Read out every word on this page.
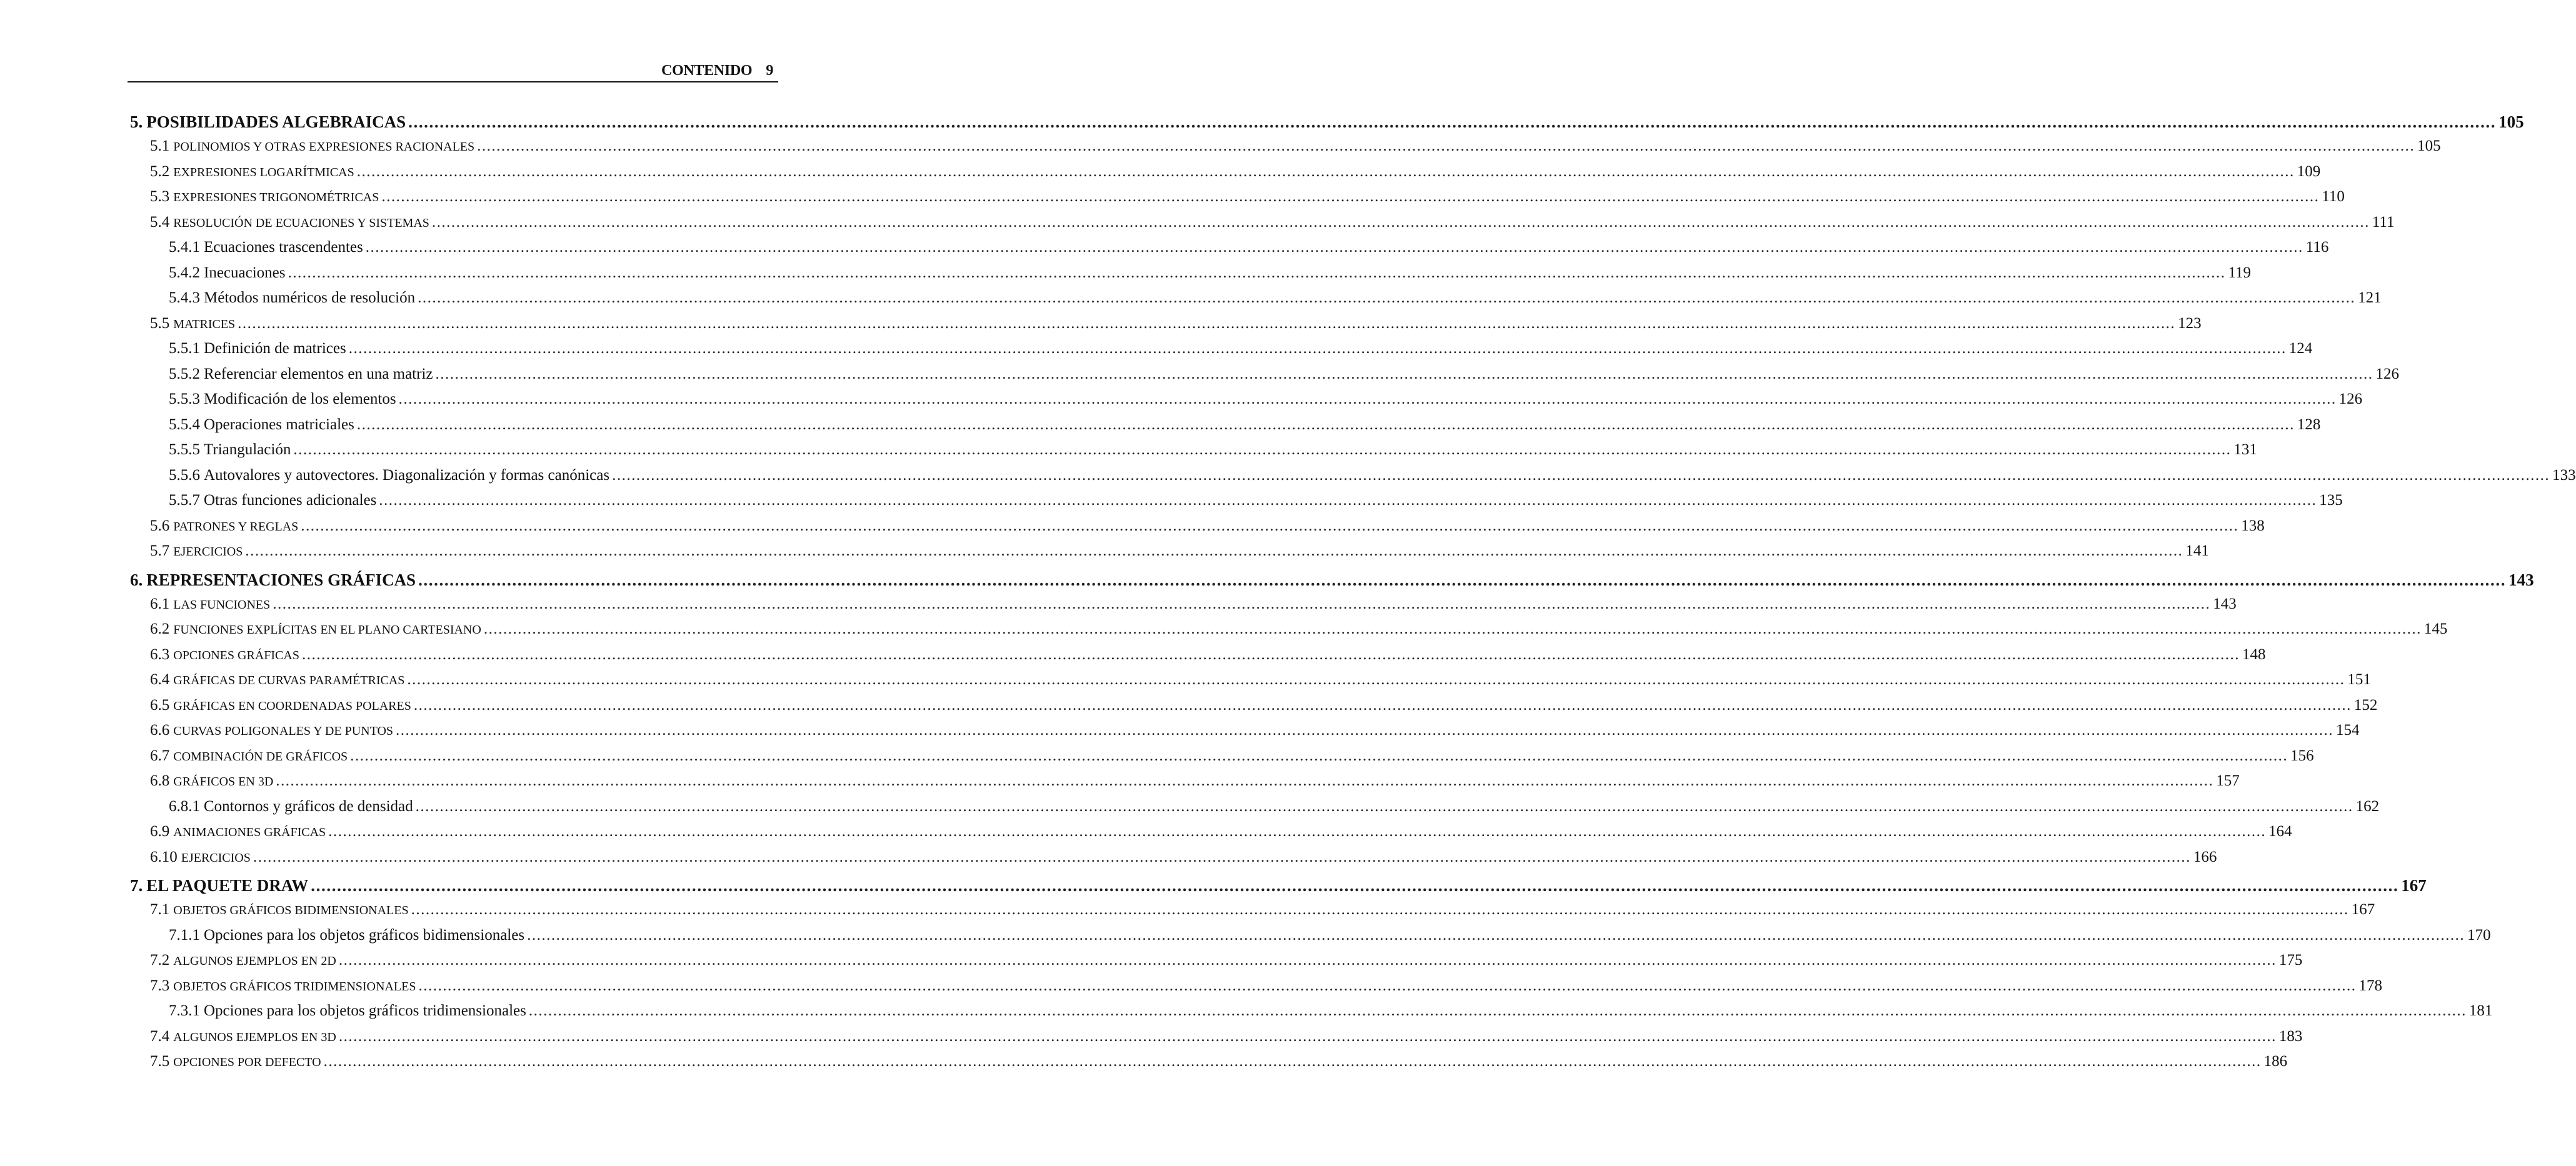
CONTENIDO 9
5. POSIBILIDADES ALGEBRAICAS ................................................................................................................................................................................................................................................................................................................................................................................................................ 105
5.1 POLINOMIOS Y OTRAS EXPRESIONES RACIONALES ................................................................................................................................................................................................................................................................................................................................................................................................................ 105
5.2 EXPRESIONES LOGARÍTMICAS ................................................................................................................................................................................................................................................................................................................................................................................................................ 109
5.3 EXPRESIONES TRIGONOMÉTRICAS ................................................................................................................................................................................................................................................................................................................................................................................................................ 110
5.4 RESOLUCIÓN DE ECUACIONES Y SISTEMAS ................................................................................................................................................................................................................................................................................................................................................................................................................ 111
5.4.1 Ecuaciones trascendentes ................................................................................................................................................................................................................................................................................................................................................................................................................ 116
5.4.2 Inecuaciones ................................................................................................................................................................................................................................................................................................................................................................................................................ 119
5.4.3 Métodos numéricos de resolución ................................................................................................................................................................................................................................................................................................................................................................................................................ 121
5.5 MATRICES ................................................................................................................................................................................................................................................................................................................................................................................................................ 123
5.5.1 Definición de matrices ................................................................................................................................................................................................................................................................................................................................................................................................................ 124
5.5.2 Referenciar elementos en una matriz ................................................................................................................................................................................................................................................................................................................................................................................................................ 126
5.5.3 Modificación de los elementos ................................................................................................................................................................................................................................................................................................................................................................................................................ 126
5.5.4 Operaciones matriciales ................................................................................................................................................................................................................................................................................................................................................................................................................ 128
5.5.5 Triangulación ................................................................................................................................................................................................................................................................................................................................................................................................................ 131
5.5.6 Autovalores y autovectores. Diagonalización y formas canónicas ................................................................................................................................................................................................................................................................................................................................................................................................................ 133
5.5.7 Otras funciones adicionales ................................................................................................................................................................................................................................................................................................................................................................................................................ 135
5.6 PATRONES Y REGLAS ................................................................................................................................................................................................................................................................................................................................................................................................................ 138
5.7 EJERCICIOS ................................................................................................................................................................................................................................................................................................................................................................................................................ 141
6. REPRESENTACIONES GRÁFICAS ................................................................................................................................................................................................................................................................................................................................................................................................................ 143
6.1 LAS FUNCIONES ................................................................................................................................................................................................................................................................................................................................................................................................................ 143
6.2 FUNCIONES EXPLÍCITAS EN EL PLANO CARTESIANO ................................................................................................................................................................................................................................................................................................................................................................................................................ 145
6.3 OPCIONES GRÁFICAS ................................................................................................................................................................................................................................................................................................................................................................................................................ 148
6.4 GRÁFICAS DE CURVAS PARAMÉTRICAS ................................................................................................................................................................................................................................................................................................................................................................................................................ 151
6.5 GRÁFICAS EN COORDENADAS POLARES ................................................................................................................................................................................................................................................................................................................................................................................................................ 152
6.6 CURVAS POLIGONALES Y DE PUNTOS ................................................................................................................................................................................................................................................................................................................................................................................................................ 154
6.7 COMBINACIÓN DE GRÁFICOS ................................................................................................................................................................................................................................................................................................................................................................................................................ 156
6.8 GRÁFICOS EN 3D ................................................................................................................................................................................................................................................................................................................................................................................................................ 157
6.8.1 Contornos y gráficos de densidad ................................................................................................................................................................................................................................................................................................................................................................................................................ 162
6.9 ANIMACIONES GRÁFICAS ................................................................................................................................................................................................................................................................................................................................................................................................................ 164
6.10 EJERCICIOS ................................................................................................................................................................................................................................................................................................................................................................................................................ 166
7. EL PAQUETE DRAW ................................................................................................................................................................................................................................................................................................................................................................................................................ 167
7.1 OBJETOS GRÁFICOS BIDIMENSIONALES ................................................................................................................................................................................................................................................................................................................................................................................................................ 167
7.1.1 Opciones para los objetos gráficos bidimensionales ................................................................................................................................................................................................................................................................................................................................................................................................................ 170
7.2 ALGUNOS EJEMPLOS EN 2D ................................................................................................................................................................................................................................................................................................................................................................................................................ 175
7.3 OBJETOS GRÁFICOS TRIDIMENSIONALES ................................................................................................................................................................................................................................................................................................................................................................................................................ 178
7.3.1 Opciones para los objetos gráficos tridimensionales ................................................................................................................................................................................................................................................................................................................................................................................................................ 181
7.4 ALGUNOS EJEMPLOS EN 3D ................................................................................................................................................................................................................................................................................................................................................................................................................ 183
7.5 OPCIONES POR DEFECTO ................................................................................................................................................................................................................................................................................................................................................................................................................ 186
